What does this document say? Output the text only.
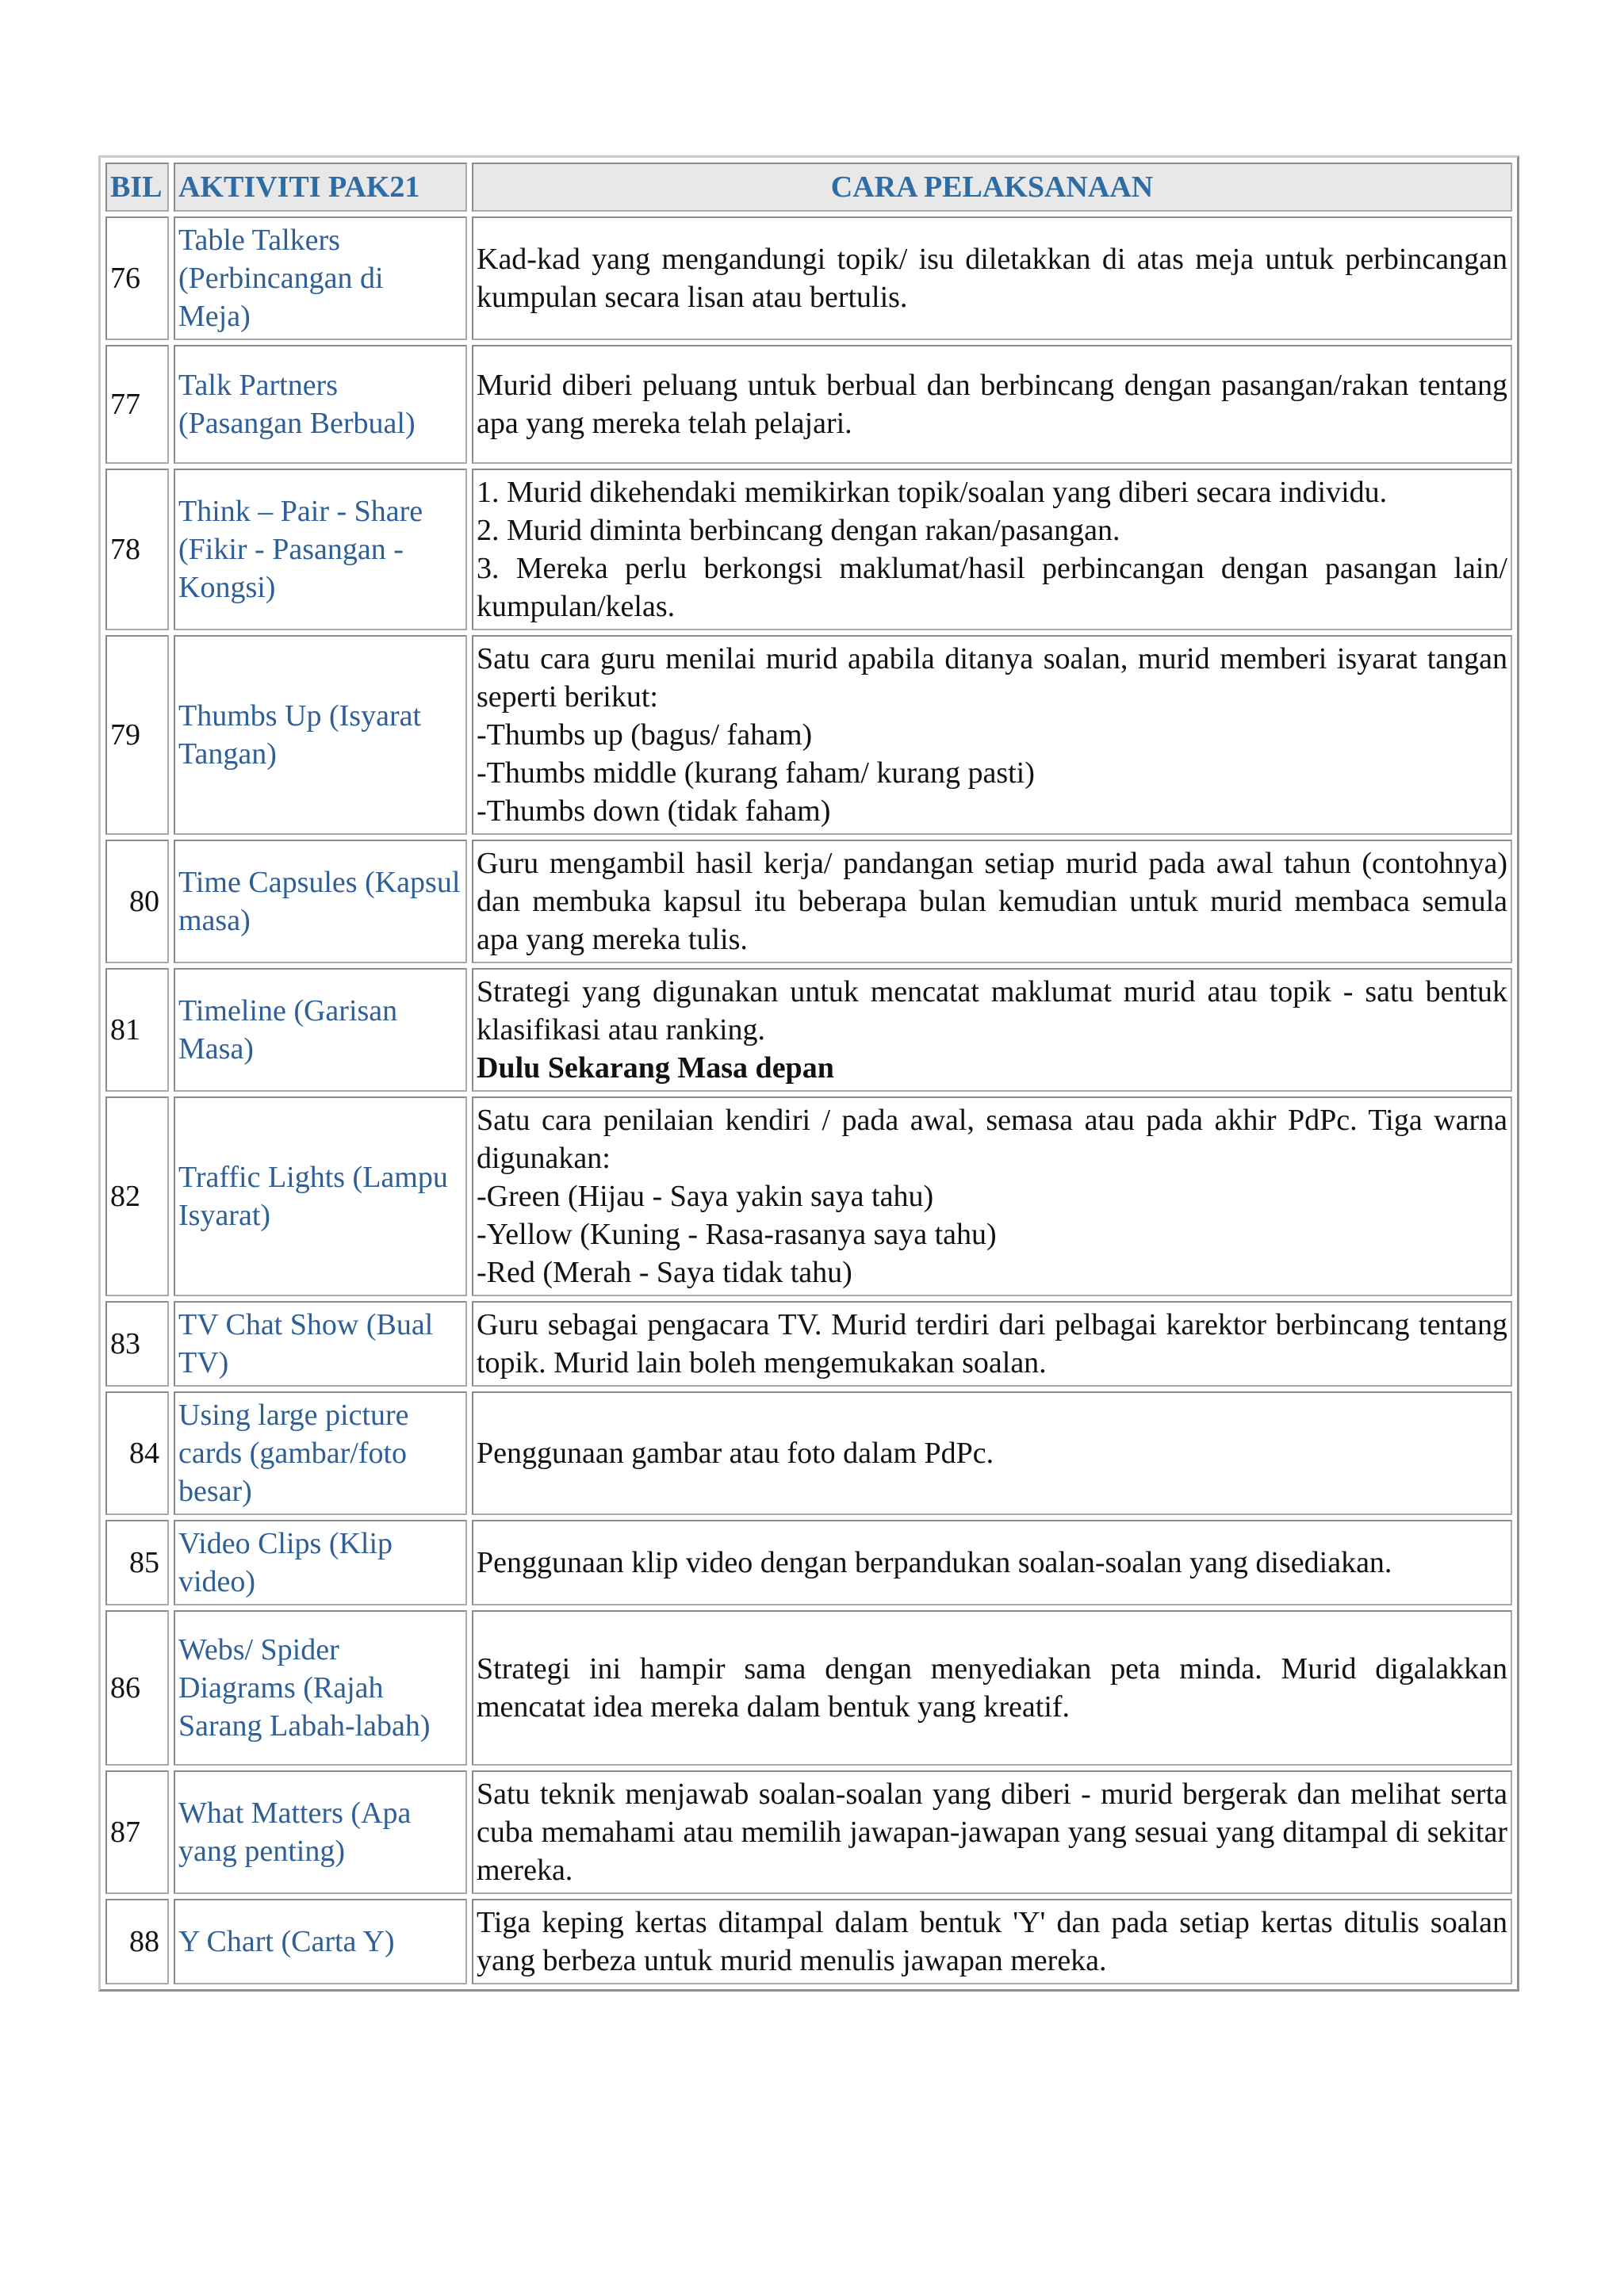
BIL	AKTIVITI PAK21	CARA PELAKSANAAN
76	Table Talkers (Perbincangan di Meja)	Kad-kad yang mengandungi topik/ isu diletakkan di atas meja untuk perbincangan kumpulan secara lisan atau bertulis.

77	Talk Partners (Pasangan Berbual)	Murid diberi peluang untuk berbual dan berbincang dengan pasangan/rakan tentang apa yang mereka telah pelajari.

78	Think – Pair - Share (Fikir - Pasangan - Kongsi)	1. Murid dikehendaki memikirkan topik/soalan yang diberi secara individu.
2. Murid diminta berbincang dengan rakan/pasangan.
3. Mereka perlu berkongsi maklumat/hasil perbincangan dengan pasangan lain/ kumpulan/kelas.

79	Thumbs Up (Isyarat Tangan)	Satu cara guru menilai murid apabila ditanya soalan, murid memberi isyarat tangan seperti berikut:
-Thumbs up (bagus/ faham)
-Thumbs middle (kurang faham/ kurang pasti)
-Thumbs down (tidak faham)

80	Time Capsules (Kapsul masa)	Guru mengambil hasil kerja/ pandangan setiap murid pada awal tahun (contohnya) dan membuka kapsul itu beberapa bulan kemudian untuk murid membaca semula apa yang mereka tulis.

81	Timeline (Garisan Masa)	Strategi yang digunakan untuk mencatat maklumat murid atau topik - satu bentuk klasifikasi atau ranking.
Dulu Sekarang Masa depan

82	Traffic Lights (Lampu Isyarat)	Satu cara penilaian kendiri / pada awal, semasa atau pada akhir PdPc. Tiga warna digunakan:
-Green (Hijau - Saya yakin saya tahu)
-Yellow (Kuning - Rasa-rasanya saya tahu)
-Red (Merah - Saya tidak tahu)

83	TV Chat Show (Bual TV)	Guru sebagai pengacara TV. Murid terdiri dari pelbagai karektor berbincang tentang topik. Murid lain boleh mengemukakan soalan.

84	Using large picture cards (gambar/foto besar)	Penggunaan gambar atau foto dalam PdPc.

85	Video Clips (Klip video)	Penggunaan klip video dengan berpandukan soalan-soalan yang disediakan.

86	Webs/ Spider Diagrams (Rajah Sarang Labah-labah)	Strategi ini hampir sama dengan menyediakan peta minda. Murid digalakkan mencatat idea mereka dalam bentuk yang kreatif.

87	What Matters (Apa yang penting)	Satu teknik menjawab soalan-soalan yang diberi - murid bergerak dan melihat serta cuba memahami atau memilih jawapan-jawapan yang sesuai yang ditampal di sekitar mereka.

88	Y Chart (Carta Y)	Tiga keping kertas ditampal dalam bentuk 'Y' dan pada setiap kertas ditulis soalan yang berbeza untuk murid menulis jawapan mereka.
